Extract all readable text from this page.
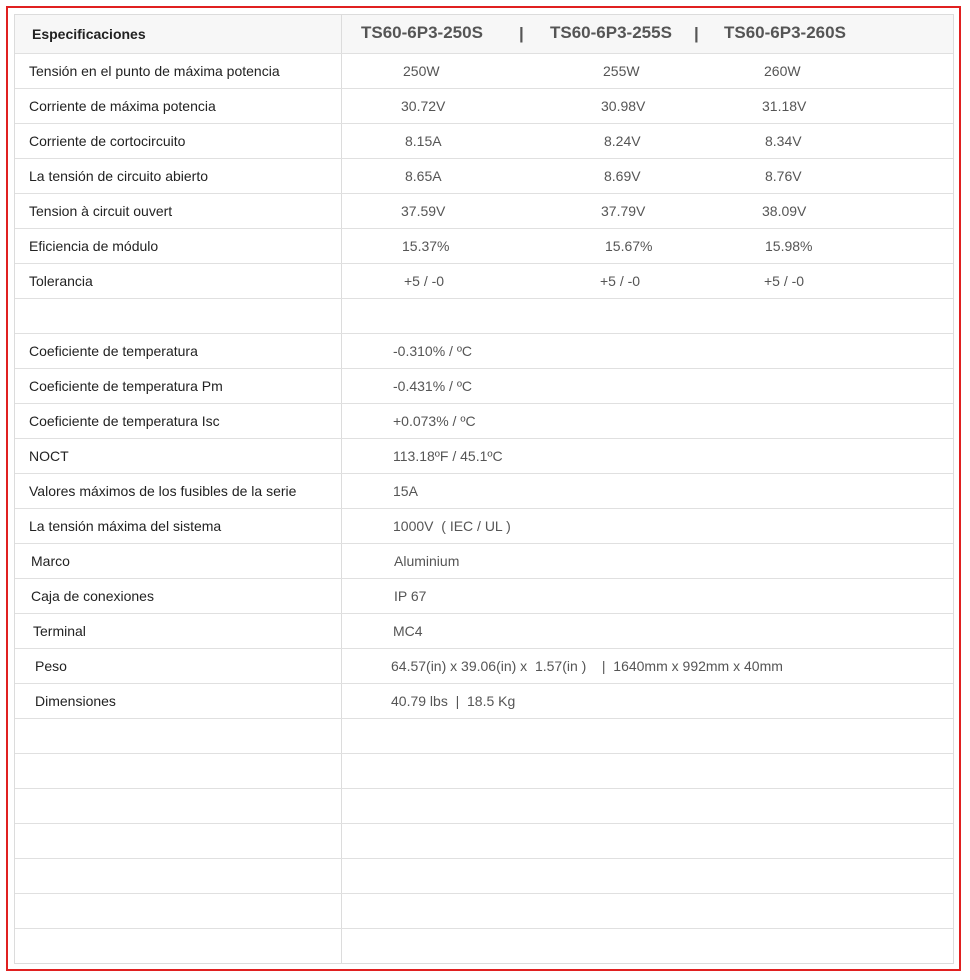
Especificaciones	TS60-6P3-250S | TS60-6P3-255S | TS60-6P3-260S
Tensión en el punto de máxima potencia	250W	255W	260W
Corriente de máxima potencia	30.72V	30.98V	31.18V
Corriente de cortocircuito	8.15A	8.24V	8.34V
La tensión de circuito abierto	8.65A	8.69V	8.76V
Tension à circuit ouvert	37.59V	37.79V	38.09V
Eficiencia de módulo	15.37%	15.67%	15.98%
Tolerancia	+5 / -0	+5 / -0	+5 / -0
Coeficiente de temperatura	-0.310% / ºC
Coeficiente de temperatura Pm	-0.431% / ºC
Coeficiente de temperatura Isc	+0.073% / ºC
NOCT	113.18ºF / 45.1ºC
Valores máximos de los fusibles de la serie	15A
La tensión máxima del sistema	1000V  ( IEC / UL )
Marco	Aluminium
Caja de conexiones	IP 67
Terminal	MC4
Peso	64.57(in) x 39.06(in) x  1.57(in )    |  1640mm x 992mm x 40mm
Dimensiones	40.79 lbs  |  18.5 Kg
